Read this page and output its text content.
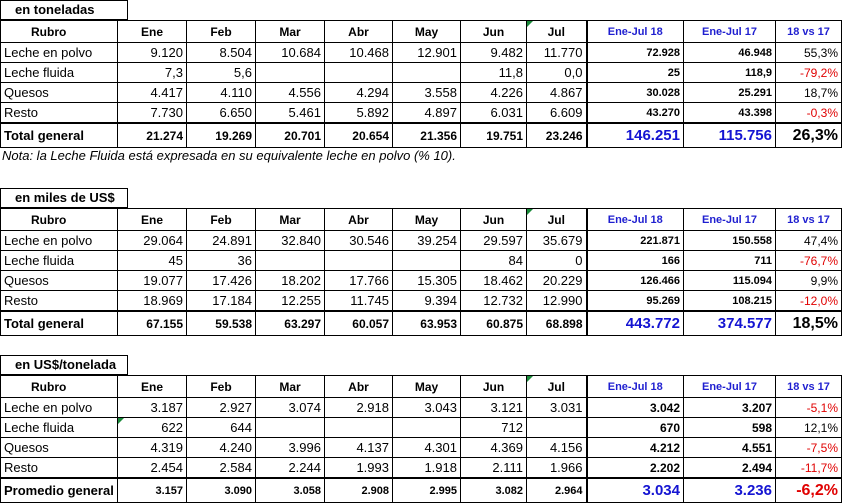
en toneladas
Rubro	Ene	Feb	Mar	Abr	May	Jun	Jul	Ene-Jul 18	Ene-Jul 17	18 vs 17
Leche en polvo	9.120	8.504	10.684	10.468	12.901	9.482	11.770	72.928	46.948	55,3%
Leche fluida	7,3	5,6				11,8	0,0	25	118,9	-79,2%
Quesos	4.417	4.110	4.556	4.294	3.558	4.226	4.867	30.028	25.291	18,7%
Resto	7.730	6.650	5.461	5.892	4.897	6.031	6.609	43.270	43.398	-0,3%
Total general	21.274	19.269	20.701	20.654	21.356	19.751	23.246	146.251	115.756	26,3%
Nota: la Leche Fluida está expresada en su equivalente leche en polvo (% 10).
en miles de US$
Rubro	Ene	Feb	Mar	Abr	May	Jun	Jul	Ene-Jul 18	Ene-Jul 17	18 vs 17
Leche en polvo	29.064	24.891	32.840	30.546	39.254	29.597	35.679	221.871	150.558	47,4%
Leche fluida	45	36				84	0	166	711	-76,7%
Quesos	19.077	17.426	18.202	17.766	15.305	18.462	20.229	126.466	115.094	9,9%
Resto	18.969	17.184	12.255	11.745	9.394	12.732	12.990	95.269	108.215	-12,0%
Total general	67.155	59.538	63.297	60.057	63.953	60.875	68.898	443.772	374.577	18,5%
en US$/tonelada
Rubro	Ene	Feb	Mar	Abr	May	Jun	Jul	Ene-Jul 18	Ene-Jul 17	18 vs 17
Leche en polvo	3.187	2.927	3.074	2.918	3.043	3.121	3.031	3.042	3.207	-5,1%
Leche fluida	622	644				712		670	598	12,1%
Quesos	4.319	4.240	3.996	4.137	4.301	4.369	4.156	4.212	4.551	-7,5%
Resto	2.454	2.584	2.244	1.993	1.918	2.111	1.966	2.202	2.494	-11,7%
Promedio general	3.157	3.090	3.058	2.908	2.995	3.082	2.964	3.034	3.236	-6,2%
